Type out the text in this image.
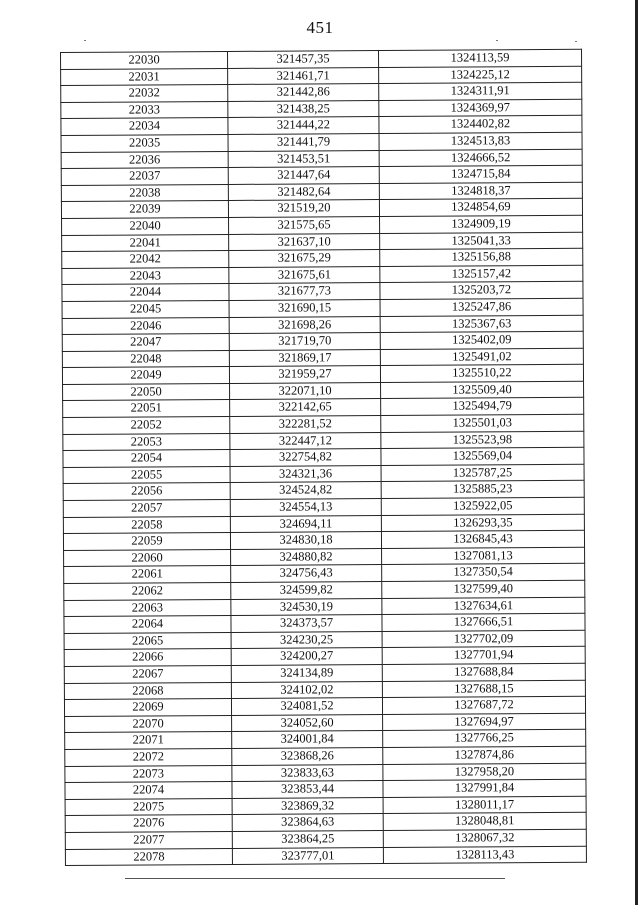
451
22030	321457,35	1324113,59
22031	321461,71	1324225,12
22032	321442,86	1324311,91
22033	321438,25	1324369,97
22034	321444,22	1324402,82
22035	321441,79	1324513,83
22036	321453,51	1324666,52
22037	321447,64	1324715,84
22038	321482,64	1324818,37
22039	321519,20	1324854,69
22040	321575,65	1324909,19
22041	321637,10	1325041,33
22042	321675,29	1325156,88
22043	321675,61	1325157,42
22044	321677,73	1325203,72
22045	321690,15	1325247,86
22046	321698,26	1325367,63
22047	321719,70	1325402,09
22048	321869,17	1325491,02
22049	321959,27	1325510,22
22050	322071,10	1325509,40
22051	322142,65	1325494,79
22052	322281,52	1325501,03
22053	322447,12	1325523,98
22054	322754,82	1325569,04
22055	324321,36	1325787,25
22056	324524,82	1325885,23
22057	324554,13	1325922,05
22058	324694,11	1326293,35
22059	324830,18	1326845,43
22060	324880,82	1327081,13
22061	324756,43	1327350,54
22062	324599,82	1327599,40
22063	324530,19	1327634,61
22064	324373,57	1327666,51
22065	324230,25	1327702,09
22066	324200,27	1327701,94
22067	324134,89	1327688,84
22068	324102,02	1327688,15
22069	324081,52	1327687,72
22070	324052,60	1327694,97
22071	324001,84	1327766,25
22072	323868,26	1327874,86
22073	323833,63	1327958,20
22074	323853,44	1327991,84
22075	323869,32	1328011,17
22076	323864,63	1328048,81
22077	323864,25	1328067,32
22078	323777,01	1328113,43
